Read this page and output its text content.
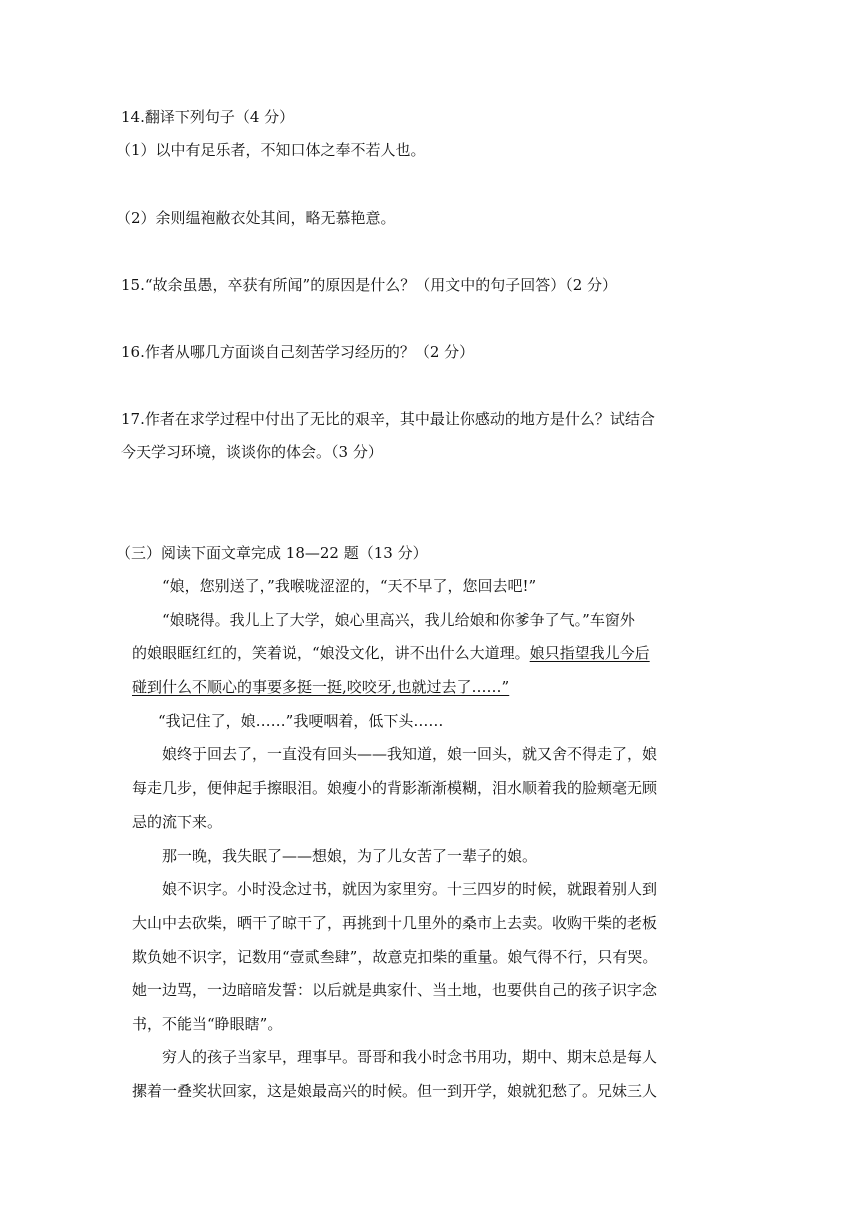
14.翻译下列句子（4 分）
（1）以中有足乐者，不知口体之奉不若人也。
（2）余则缊袍敝衣处其间，略无慕艳意。
15.“故余虽愚，卒获有所闻”的原因是什么？（用文中的句子回答）（2 分）
16.作者从哪几方面谈自己刻苦学习经历的？（2 分）
17.作者在求学过程中付出了无比的艰辛，其中最让你感动的地方是什么？试结合
今天学习环境，谈谈你的体会。（3 分）
（三）阅读下面文章完成 18—22 题（13 分）
“娘，您别送了，”我喉咙涩涩的，“天不早了，您回去吧!”
“娘晓得。我儿上了大学，娘心里高兴，我儿给娘和你爹争了气。”车窗外
的娘眼眶红红的，笑着说，“娘没文化，讲不出什么大道理。娘只指望我儿今后
碰到什么不顺心的事要多挺一挺,咬咬牙,也就过去了……”
“我记住了，娘……”我哽咽着，低下头……
娘终于回去了，一直没有回头——我知道，娘一回头，就又舍不得走了，娘
每走几步，便伸起手擦眼泪。娘瘦小的背影渐渐模糊，泪水顺着我的脸颊毫无顾
忌的流下来。
那一晚，我失眠了——想娘，为了儿女苦了一辈子的娘。
娘不识字。小时没念过书，就因为家里穷。十三四岁的时候，就跟着别人到
大山中去砍柴，晒干了晾干了，再挑到十几里外的桑市上去卖。收购干柴的老板
欺负她不识字，记数用“壹贰叁肆”，故意克扣柴的重量。娘气得不行，只有哭。
她一边骂，一边暗暗发誓：以后就是典家什、当土地，也要供自己的孩子识字念
书，不能当“睁眼瞎”。
穷人的孩子当家早，理事早。哥哥和我小时念书用功，期中、期末总是每人
摞着一叠奖状回家，这是娘最高兴的时候。但一到开学，娘就犯愁了。兄妹三人
